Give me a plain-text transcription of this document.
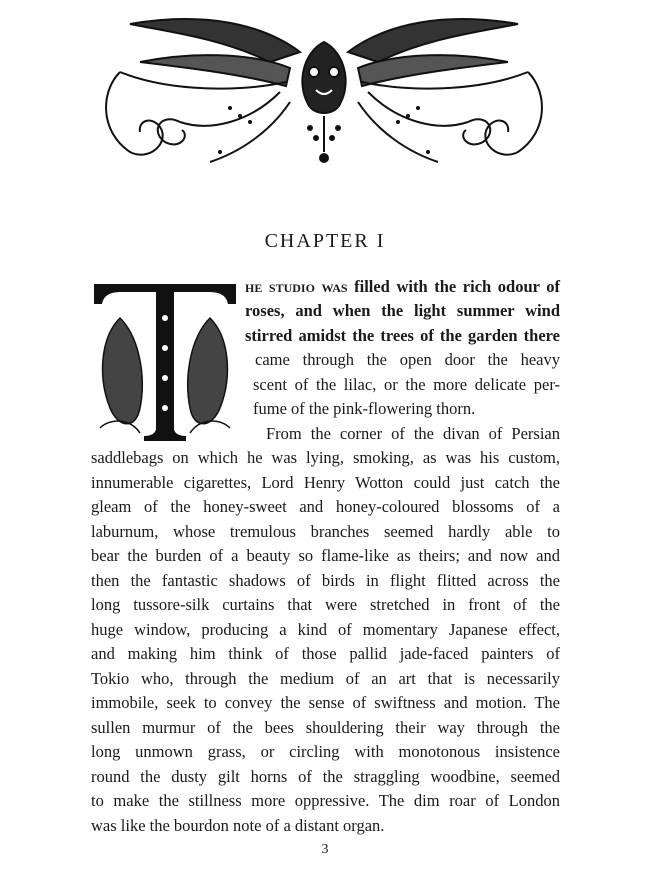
CHAPTER I
he studio was filled with the rich odour of
roses, and when the light summer wind
stirred amidst the trees of the garden there
came through the open door the heavy
scent of the lilac, or the more delicate per-
fume of the pink-flowering thorn.
From the corner of the divan of Persian
saddlebags on which he was lying, smoking, as was his custom,
innumerable cigarettes, Lord Henry Wotton could just catch the
gleam of the honey-sweet and honey-coloured blossoms of a
laburnum, whose tremulous branches seemed hardly able to
bear the burden of a beauty so flame-like as theirs; and now and
then the fantastic shadows of birds in flight flitted across the
long tussore-silk curtains that were stretched in front of the
huge window, producing a kind of momentary Japanese effect,
and making him think of those pallid jade-faced painters of
Tokio who, through the medium of an art that is necessarily
immobile, seek to convey the sense of swiftness and motion. The
sullen murmur of the bees shouldering their way through the
long unmown grass, or circling with monotonous insistence
round the dusty gilt horns of the straggling woodbine, seemed
to make the stillness more oppressive. The dim roar of London
was like the bourdon note of a distant organ.
3
